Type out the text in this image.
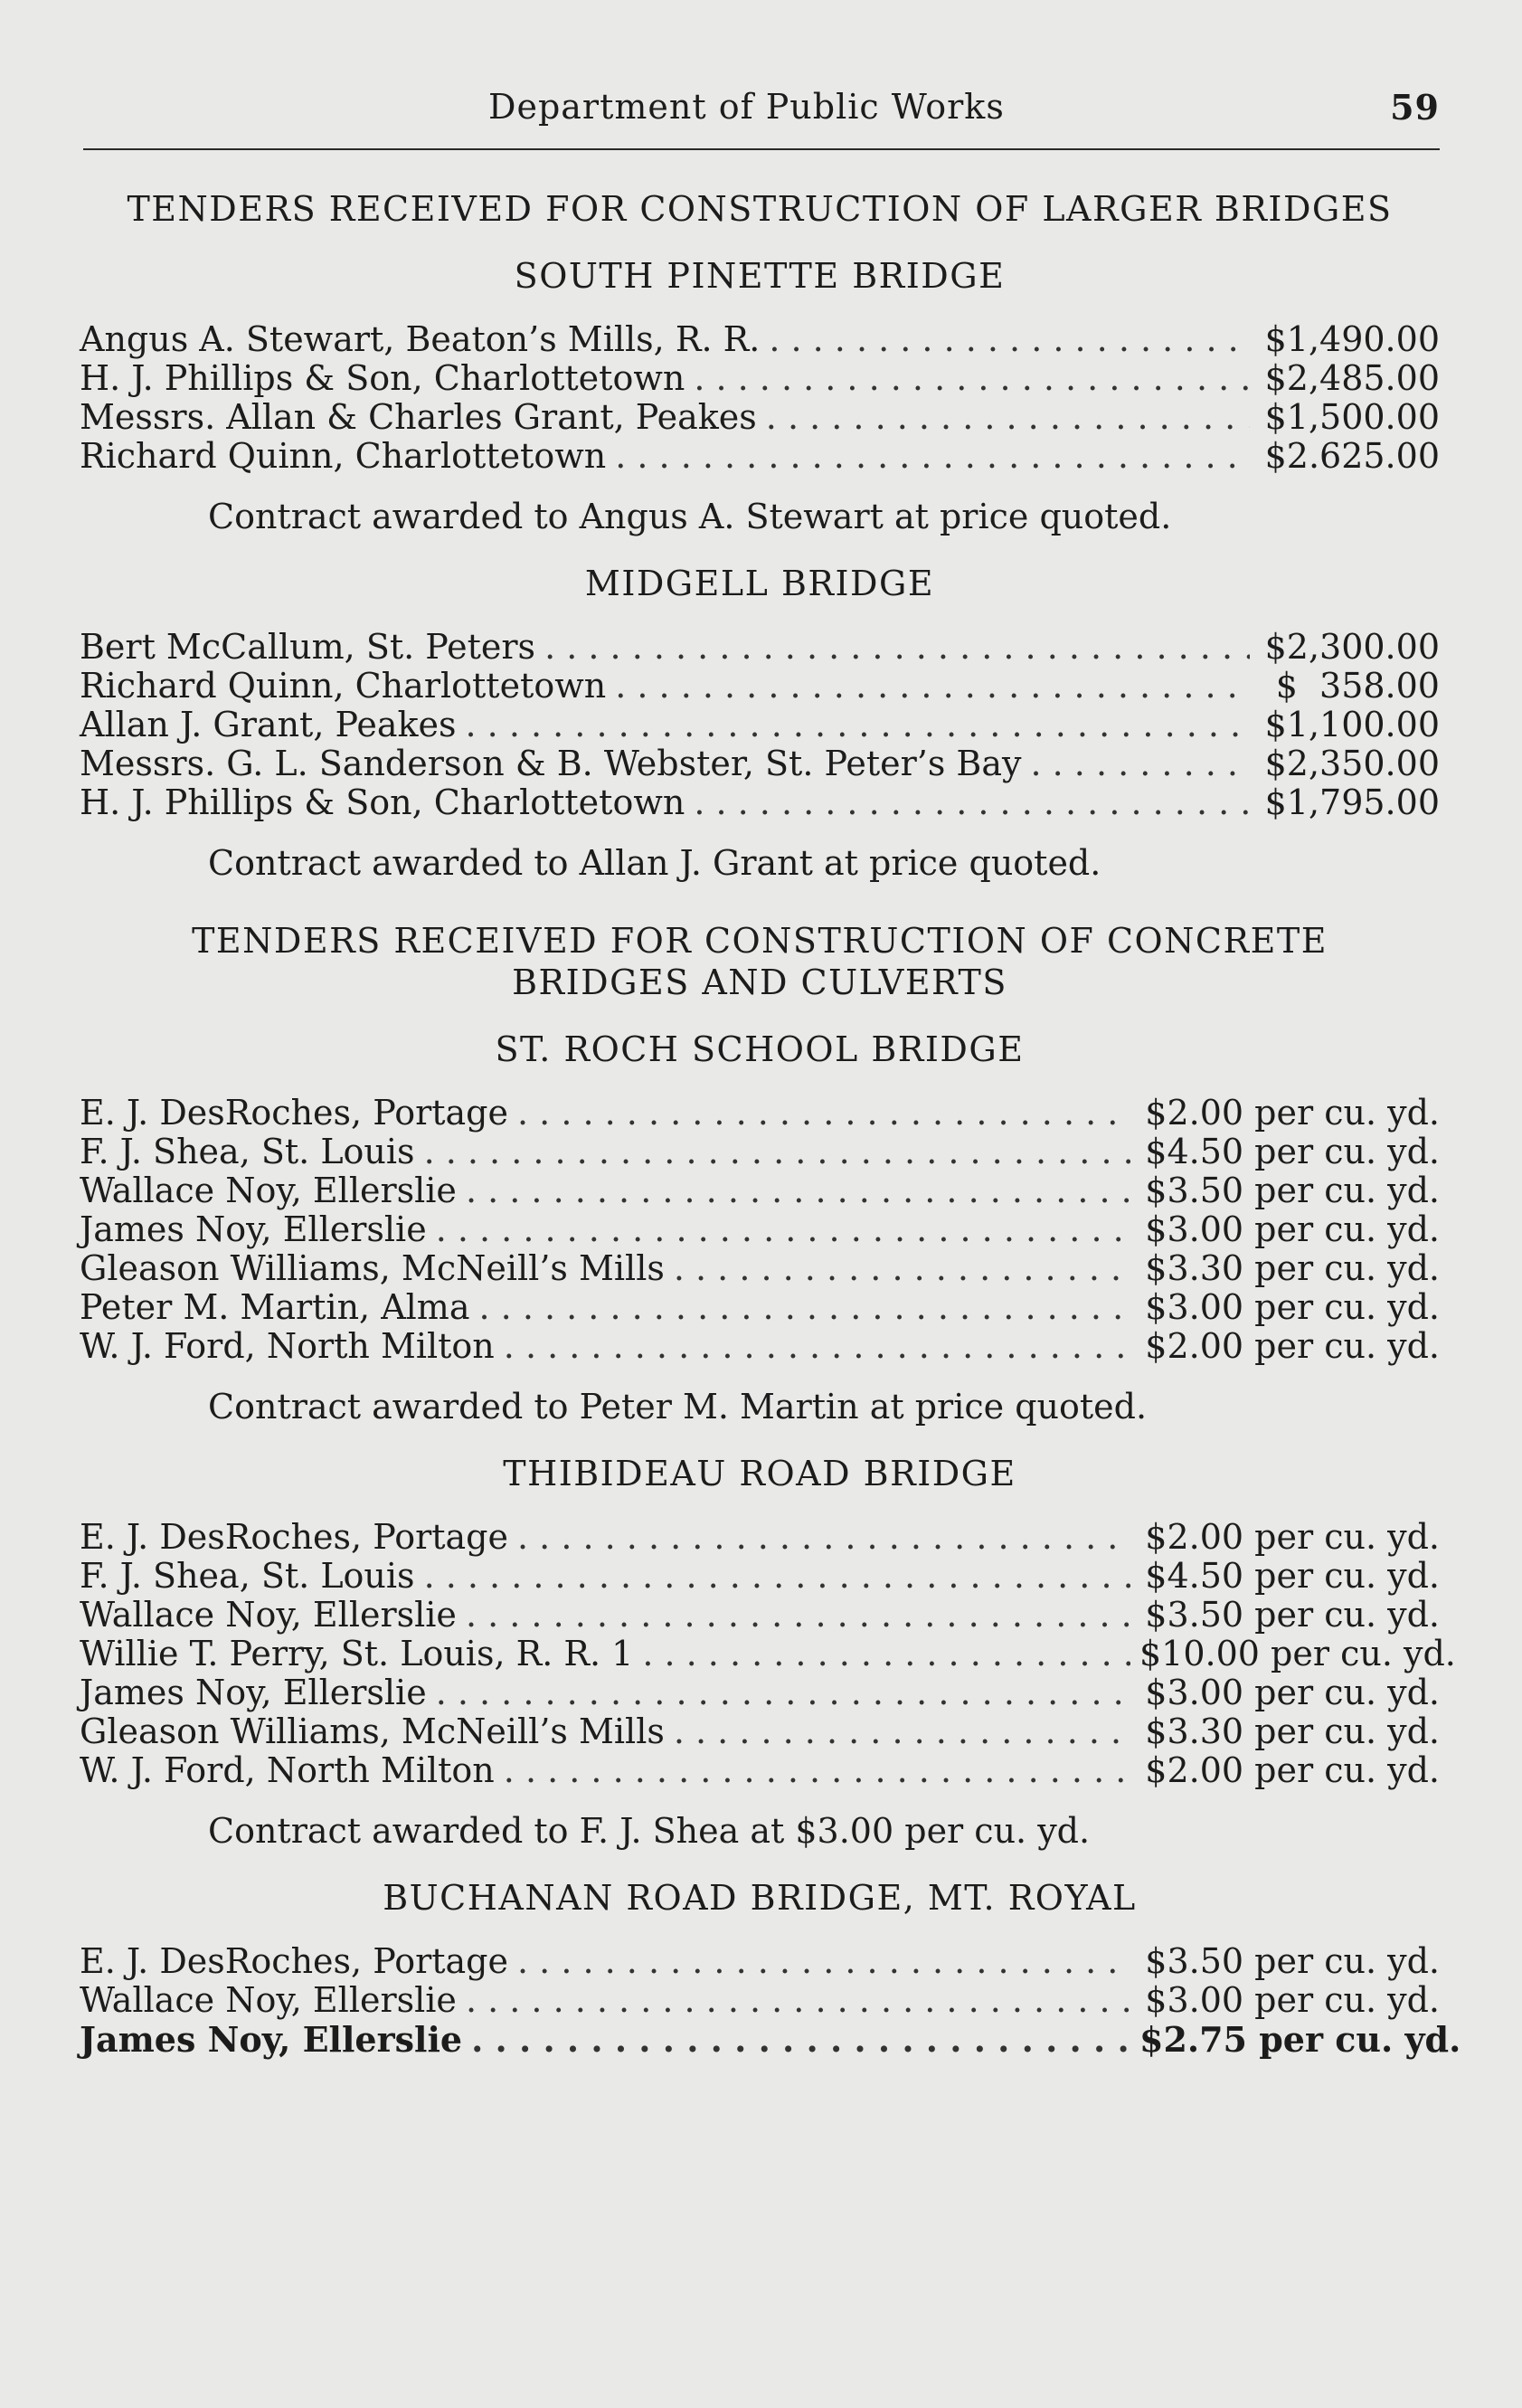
Department of Public Works	59

TENDERS RECEIVED FOR CONSTRUCTION OF LARGER BRIDGES

SOUTH PINETTE BRIDGE

Angus A. Stewart, Beaton’s Mills, R. R. . . .	$1,490.00
H. J. Phillips & Son, Charlottetown . . .	$2,485.00
Messrs. Allan & Charles Grant, Peakes . . .	$1,500.00
Richard Quinn, Charlottetown . . .	$2.625.00

Contract awarded to Angus A. Stewart at price quoted.

MIDGELL BRIDGE

Bert McCallum, St. Peters . . .	$2,300.00
Richard Quinn, Charlottetown . . .	$  358.00
Allan J. Grant, Peakes . . .	$1,100.00
Messrs. G. L. Sanderson & B. Webster, St. Peter’s Bay . . .	$2,350.00
H. J. Phillips & Son, Charlottetown . . .	$1,795.00

Contract awarded to Allan J. Grant at price quoted.

TENDERS RECEIVED FOR CONSTRUCTION OF CONCRETE

BRIDGES AND CULVERTS

ST. ROCH SCHOOL BRIDGE

E. J. DesRoches, Portage . . .	$2.00 per cu. yd.
F. J. Shea, St. Louis . . .	$4.50 per cu. yd.
Wallace Noy, Ellerslie . . .	$3.50 per cu. yd.
James Noy, Ellerslie . . .	$3.00 per cu. yd.
Gleason Williams, McNeill’s Mills . . .	$3.30 per cu. yd.
Peter M. Martin, Alma . . .	$3.00 per cu. yd.
W. J. Ford, North Milton . . .	$2.00 per cu. yd.

Contract awarded to Peter M. Martin at price quoted.

THIBIDEAU ROAD BRIDGE

E. J. DesRoches, Portage . . .	$2.00 per cu. yd.
F. J. Shea, St. Louis . . .	$4.50 per cu. yd.
Wallace Noy, Ellerslie . . .	$3.50 per cu. yd.
Willie T. Perry, St. Louis, R. R. 1 . . .	$10.00 per cu. yd.
James Noy, Ellerslie . . .	$3.00 per cu. yd.
Gleason Williams, McNeill’s Mills . . .	$3.30 per cu. yd.
W. J. Ford, North Milton . . .	$2.00 per cu. yd.

Contract awarded to F. J. Shea at $3.00 per cu. yd.

BUCHANAN ROAD BRIDGE, MT. ROYAL

E. J. DesRoches, Portage . . .	$3.50 per cu. yd.
Wallace Noy, Ellerslie . . .	$3.00 per cu. yd.
James Noy, Ellerslie . . .	$2.75 per cu. yd.
